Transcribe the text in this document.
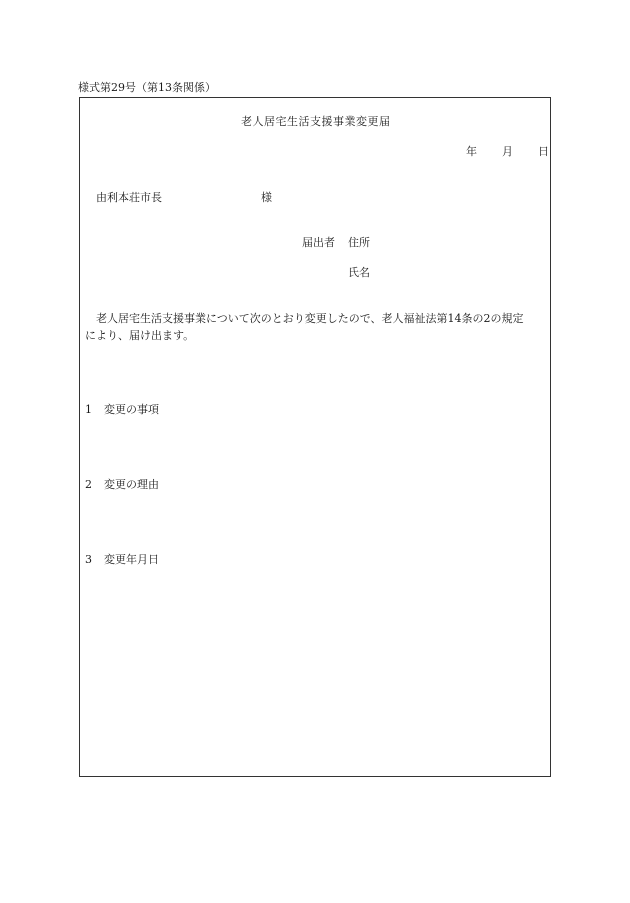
様式第29号（第13条関係）
老人居宅生活支援事業変更届
年 月 日
由利本荘市長	様
届出者 住所
氏名
老人居宅生活支援事業について次のとおり変更したので、老人福祉法第14条の2の規定
により、届け出ます。
1 変更の事項
2 変更の理由
3 変更年月日
